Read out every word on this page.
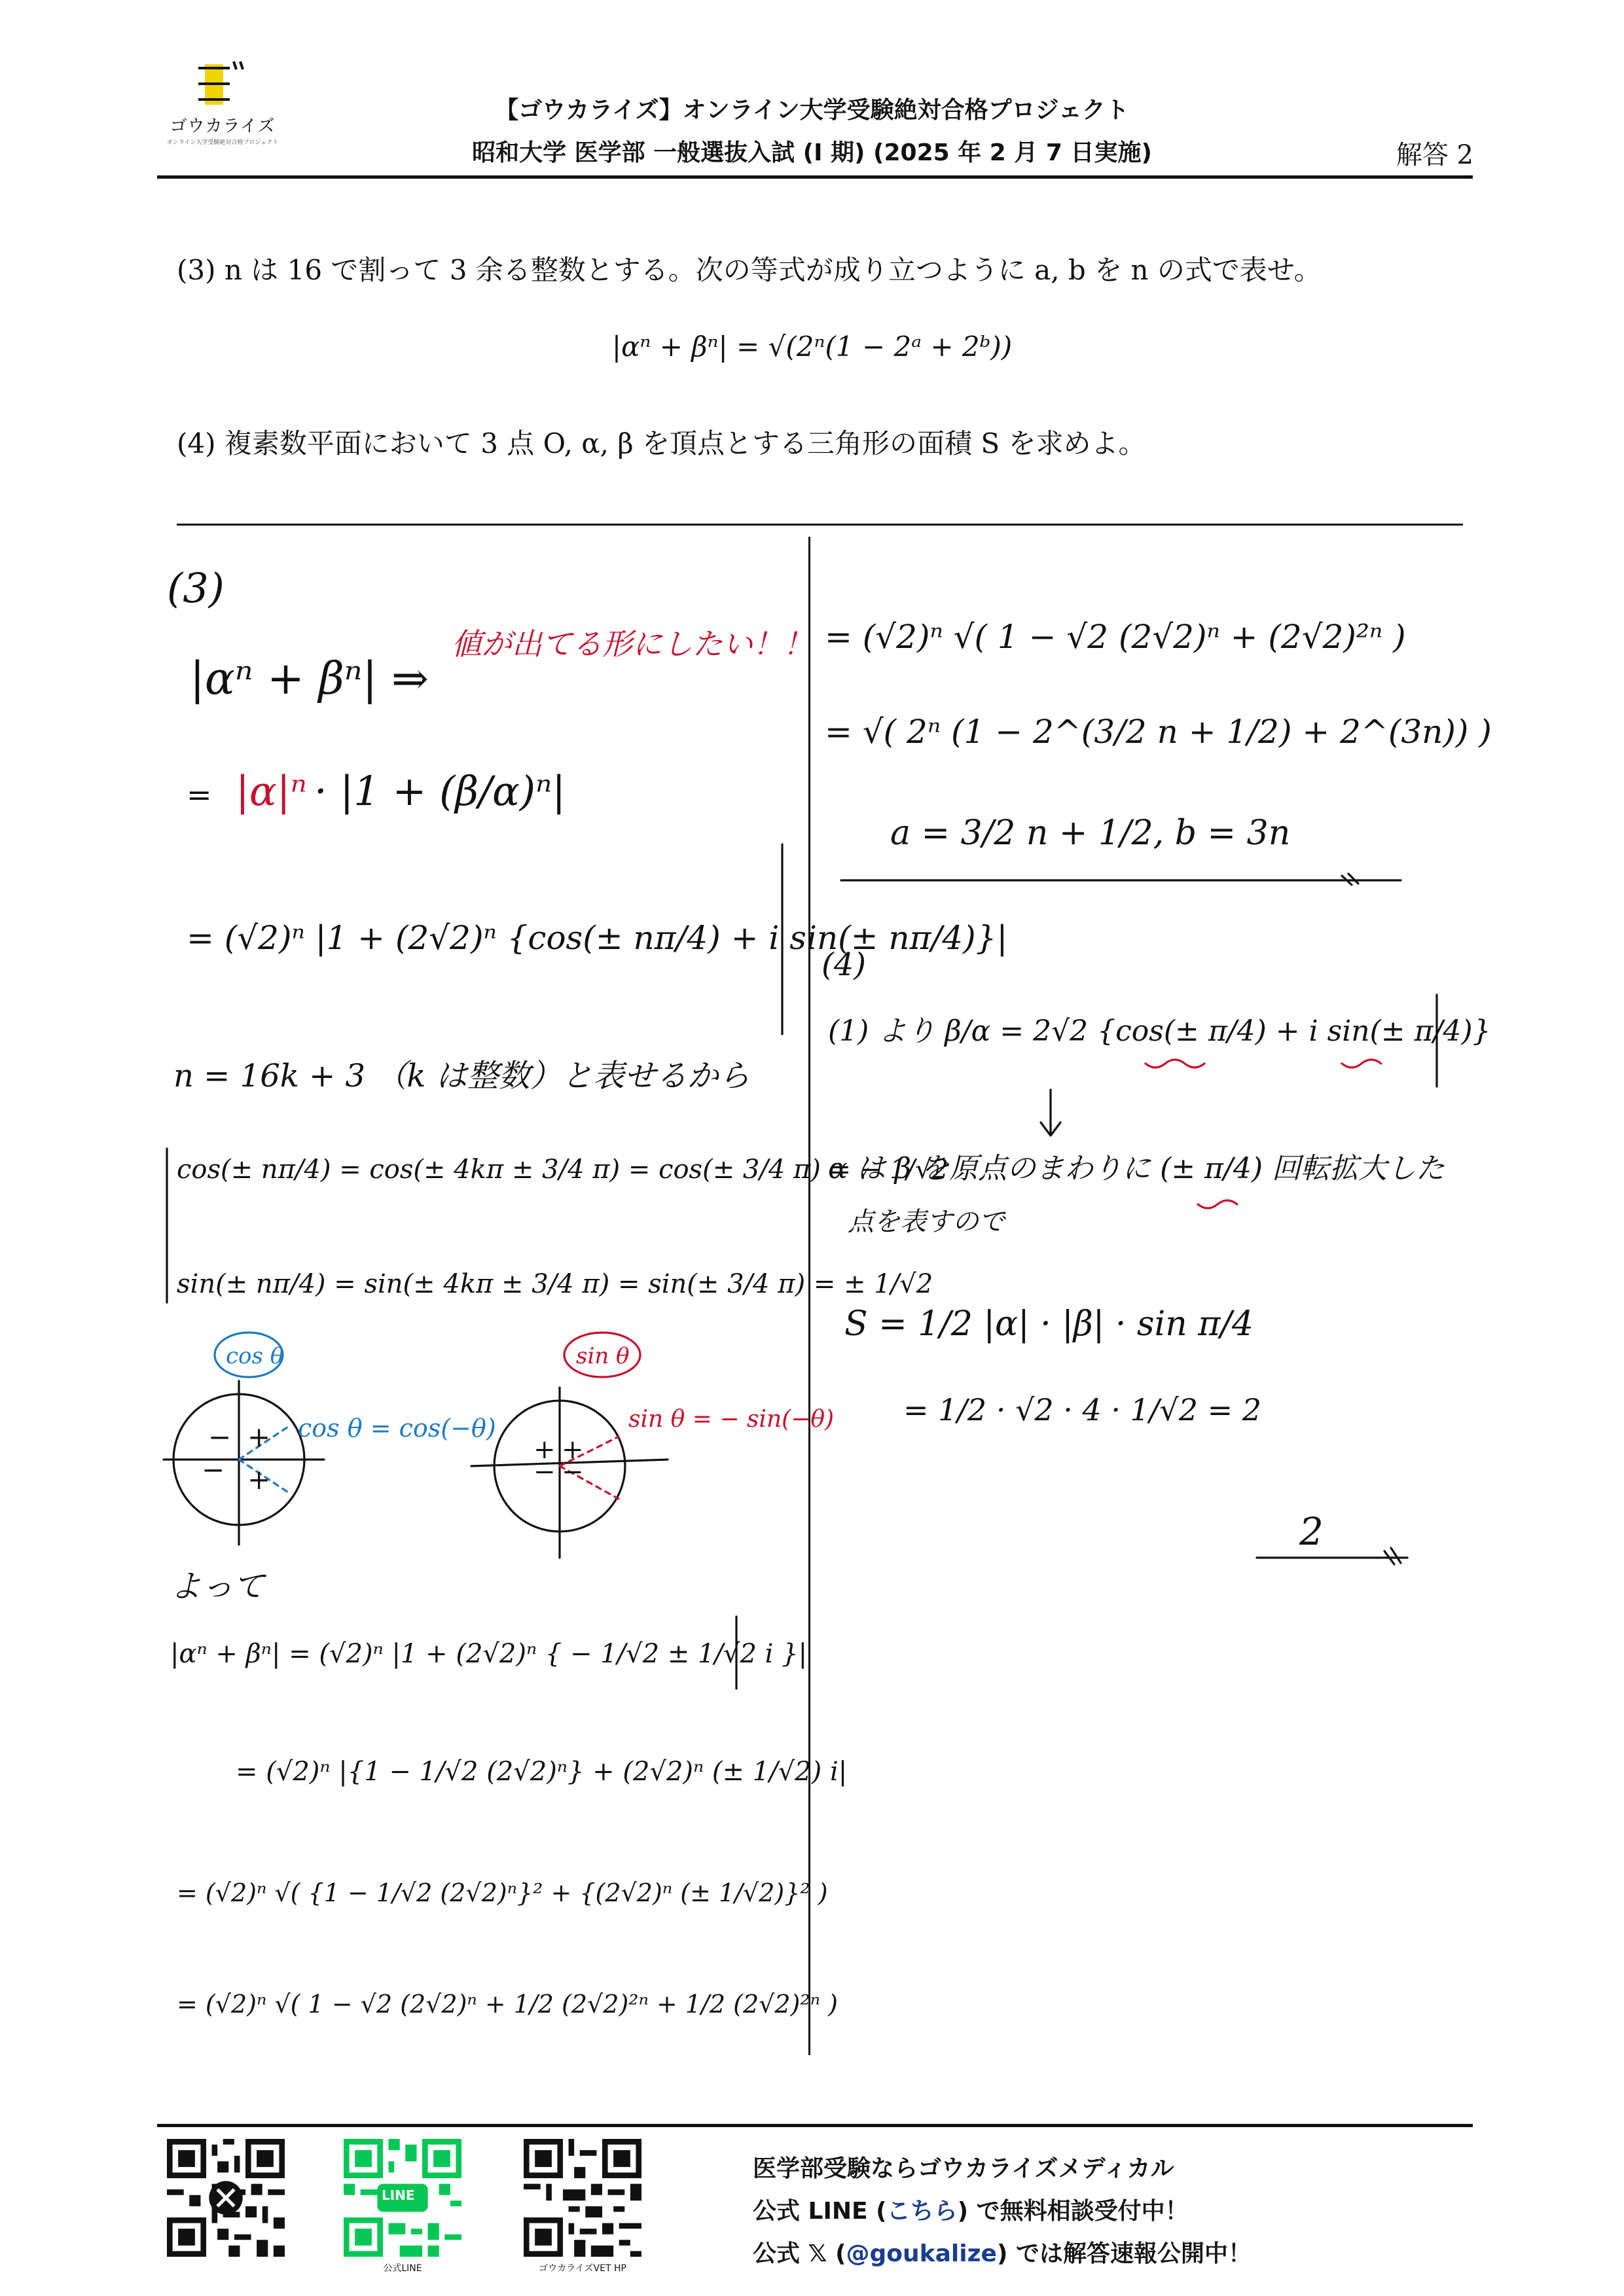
ゴウカライズ
オンライン大学受験絶対合格プロジェクト
【ゴウカライズ】オンライン大学受験絶対合格プロジェクト
昭和大学 医学部 一般選抜入試 (I 期) (2025 年 2 月 7 日実施)	解答 2
(3) n は 16 で割って 3 余る整数とする。次の等式が成り立つように a, b を n の式で表せ。
|αⁿ + βⁿ| = √(2ⁿ(1 − 2ᵃ + 2ᵇ))
(4) 複素数平面において 3 点 O, α, β を頂点とする三角形の面積 S を求めよ。
(3)
|αⁿ + βⁿ| ⇒
値が出てる形にしたい！！
= |α|ⁿ · |1 + (β/α)ⁿ|
= (√2)ⁿ |1 + (2√2)ⁿ {cos(± nπ/4) + i sin(± nπ/4)}|
n = 16k + 3 （k は整数）と表せるから
cos(± nπ/4) = cos(± 4kπ ± 3/4 π) = cos(± 3/4 π) = − 1/√2
sin(± nπ/4) = sin(± 4kπ ± 3/4 π) = sin(± 3/4 π) = ± 1/√2
cos θ
− +
− +
cos θ = cos(−θ)
sin θ
+ +
− −
sin θ = − sin(−θ)
よって
|αⁿ + βⁿ| = (√2)ⁿ |1 + (2√2)ⁿ { − 1/√2 ± 1/√2 i }|
= (√2)ⁿ |{1 − 1/√2 (2√2)ⁿ} + (2√2)ⁿ (± 1/√2) i|
= (√2)ⁿ √( {1 − 1/√2 (2√2)ⁿ}² + {(2√2)ⁿ (± 1/√2)}² )
= (√2)ⁿ √( 1 − √2 (2√2)ⁿ + 1/2 (2√2)²ⁿ + 1/2 (2√2)²ⁿ )
= (√2)ⁿ √( 1 − √2 (2√2)ⁿ + (2√2)²ⁿ )
= √( 2ⁿ (1 − 2^(3/2 n + 1/2) + 2^(3n)) )
a = 3/2 n + 1/2, b = 3n
(4)
(1) より β/α = 2√2 {cos(± π/4) + i sin(± π/4)}
α は β を原点のまわりに (± π/4) 回転拡大した
点を表すので
S = 1/2 |α| · |β| · sin π/4
= 1/2 · √2 · 4 · 1/√2 = 2
2
LINE
公式LINE	ゴウカライズVET HP
医学部受験ならゴウカライズメディカル
公式 LINE (こちら) で無料相談受付中！
公式 𝕏 (@goukalize) では解答速報公開中！
